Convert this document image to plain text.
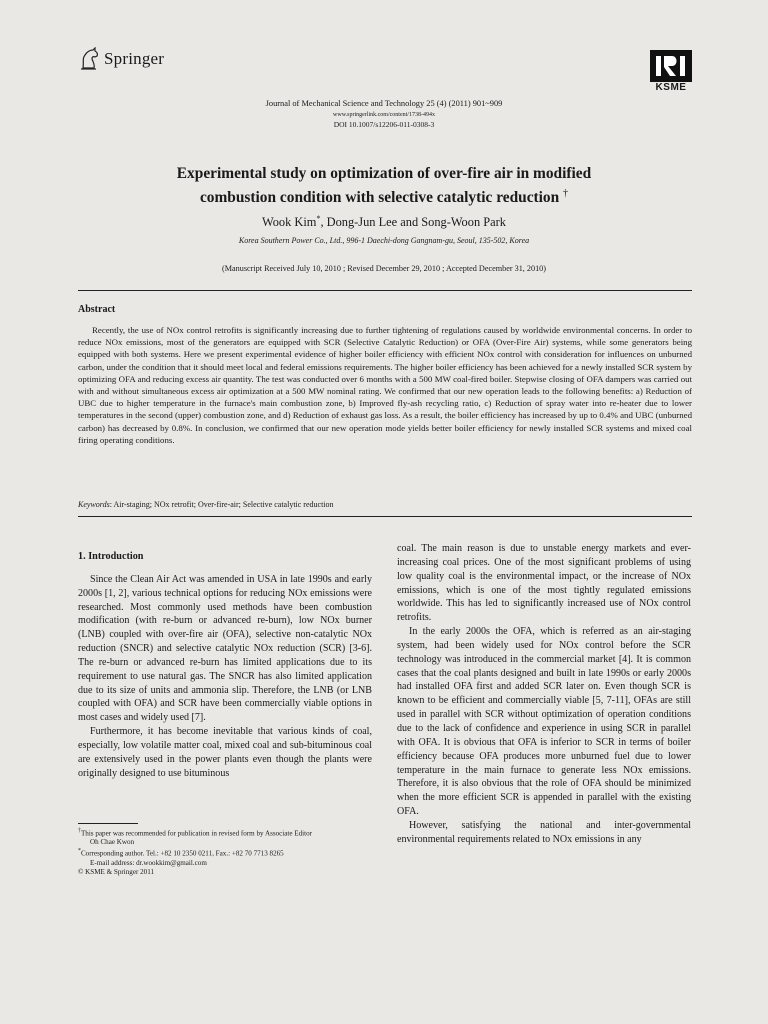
Springer
KSME
Journal of Mechanical Science and Technology 25 (4) (2011) 901~909
www.springerlink.com/content/1738-494x
DOI 10.1007/s12206-011-0308-3
Experimental study on optimization of over-fire air in modified
combustion condition with selective catalytic reduction †
Wook Kim*, Dong-Jun Lee and Song-Woon Park
Korea Southern Power Co., Ltd., 996-1 Daechi-dong Gangnam-gu, Seoul, 135-502, Korea
(Manuscript Received July 10, 2010 ; Revised December 29, 2010 ; Accepted December 31, 2010)
Abstract
Recently, the use of NOx control retrofits is significantly increasing due to further tightening of regulations caused by worldwide environmental concerns. In order to reduce NOx emissions, most of the generators are equipped with SCR (Selective Catalytic Reduction) or OFA (Over-Fire Air) systems, while some generators being equipped with both systems. Here we present experimental evidence of higher boiler efficiency with efficient NOx control with consideration for influences on unburned carbon, under the condition that it should meet local and federal emissions requirements. The higher boiler efficiency has been achieved for a newly installed SCR system by optimizing OFA and reducing excess air quantity. The test was conducted over 6 months with a 500 MW coal-fired boiler. Stepwise closing of OFA dampers was carried out with and without simultaneous excess air optimization at a 500 MW nominal rating. We confirmed that our new operation leads to the following benefits: a) Reduction of UBC due to higher temperature in the furnace's main combustion zone, b) Improved fly-ash recycling ratio, c) Reduction of spray water into re-heater due to lower temperatures in the second (upper) combustion zone, and d) Reduction of exhaust gas loss. As a result, the boiler efficiency has increased by up to 0.4% and UBC (unburned carbon) has decreased by 0.8%. In conclusion, we confirmed that our new operation mode yields better boiler efficiency for newly installed SCR systems and mixed coal firing operating conditions.
Keywords: Air-staging; NOx retrofit; Over-fire-air; Selective catalytic reduction
1. Introduction

Since the Clean Air Act was amended in USA in late 1990s and early 2000s [1, 2], various technical options for reducing NOx emissions were researched. Most commonly used methods have been combustion modification (with re-burn or advanced re-burn), low NOx burner (LNB) coupled with over-fire air (OFA), selective non-catalytic NOx reduction (SNCR) and selective catalytic NOx reduction (SCR) [3-6]. The re-burn or advanced re-burn has limited applications due to its requirement to use natural gas. The SNCR has also limited application due to its size of units and ammonia slip. Therefore, the LNB (or LNB coupled with OFA) and SCR have been commercially viable options in most cases and widely used [7].

Furthermore, it has become inevitable that various kinds of coal, especially, low volatile matter coal, mixed coal and sub-bituminous coal are extensively used in the power plants even though the plants were originally designed to use bituminous

coal. The main reason is due to unstable energy markets and ever-increasing coal prices. One of the most significant problems of using low quality coal is the environmental impact, or the increase of NOx emissions, which is one of the most tightly regulated emissions worldwide. This has led to significantly increased use of NOx control retrofits.

In the early 2000s the OFA, which is referred as an air-staging system, had been widely used for NOx control before the SCR technology was introduced in the commercial market [4]. It is common cases that the coal plants designed and built in late 1990s or early 2000s had installed OFA first and added SCR later on. Even though SCR is known to be efficient and commercially viable [5, 7-11], OFAs are still used in parallel with SCR without optimization of operation conditions due to the lack of confidence and experience in using SCR in parallel with OFA. It is obvious that OFA is inferior to SCR in terms of boiler efficiency because OFA produces more unburned fuel due to lower temperature in the main furnace to generate less NOx emissions. Therefore, it is also obvious that the role of OFA should be minimized when the more efficient SCR is appended in parallel with the existing OFA.

However, satisfying the national and inter-governmental environmental requirements related to NOx emissions in any

†This paper was recommended for publication in revised form by Associate Editor
Oh Chae Kwon
*Corresponding author. Tel.: +82 10 2350 0211, Fax.: +82 70 7713 8265
E-mail address: dr.wookkim@gmail.com
© KSME & Springer 2011
